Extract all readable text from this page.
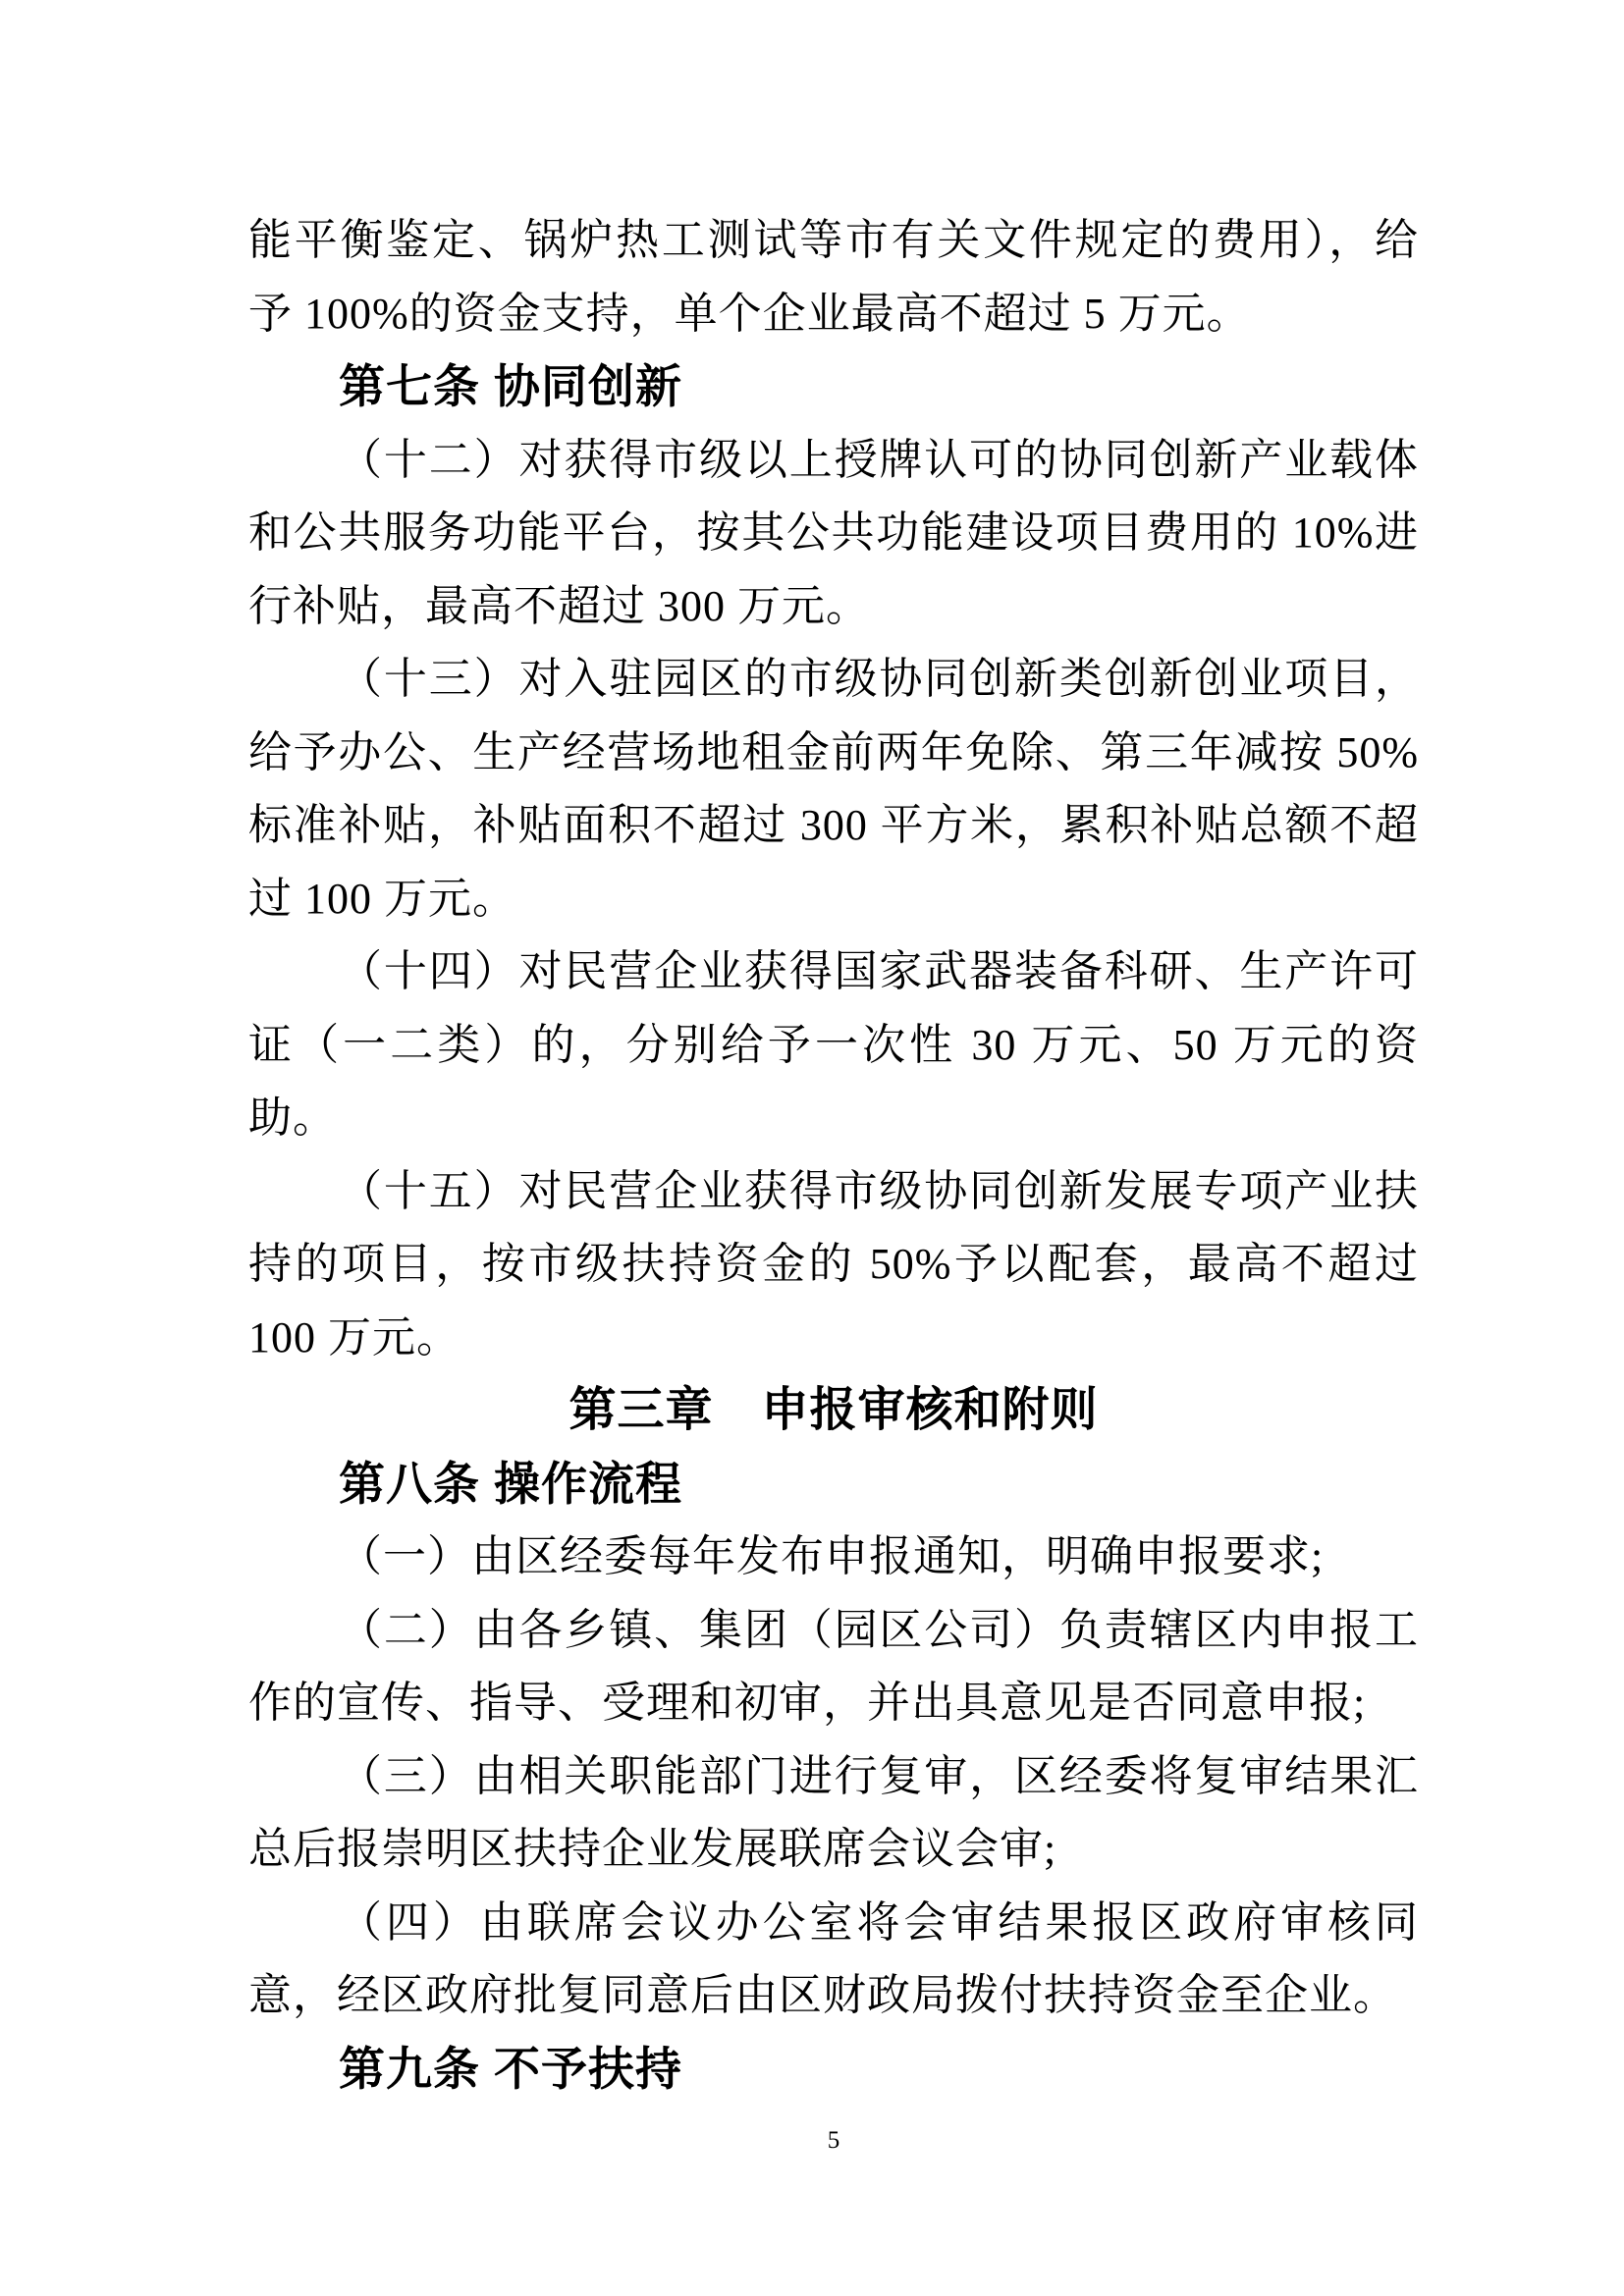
能平衡鉴定、锅炉热工测试等市有关文件规定的费用），给予 100%的资金支持，单个企业最高不超过 5 万元。

第七条 协同创新

（十二）对获得市级以上授牌认可的协同创新产业载体和公共服务功能平台，按其公共功能建设项目费用的 10%进行补贴，最高不超过 300 万元。

（十三）对入驻园区的市级协同创新类创新创业项目，给予办公、生产经营场地租金前两年免除、第三年减按 50%标准补贴，补贴面积不超过 300 平方米，累积补贴总额不超过 100 万元。

（十四）对民营企业获得国家武器装备科研、生产许可证（一二类）的，分别给予一次性 30 万元、50 万元的资助。

（十五）对民营企业获得市级协同创新发展专项产业扶持的项目，按市级扶持资金的 50%予以配套，最高不超过 100 万元。

第三章　申报审核和附则

第八条 操作流程

（一）由区经委每年发布申报通知，明确申报要求;

（二）由各乡镇、集团（园区公司）负责辖区内申报工作的宣传、指导、受理和初审，并出具意见是否同意申报;

（三）由相关职能部门进行复审，区经委将复审结果汇总后报崇明区扶持企业发展联席会议会审;

（四）由联席会议办公室将会审结果报区政府审核同意，经区政府批复同意后由区财政局拨付扶持资金至企业。

第九条 不予扶持

5
